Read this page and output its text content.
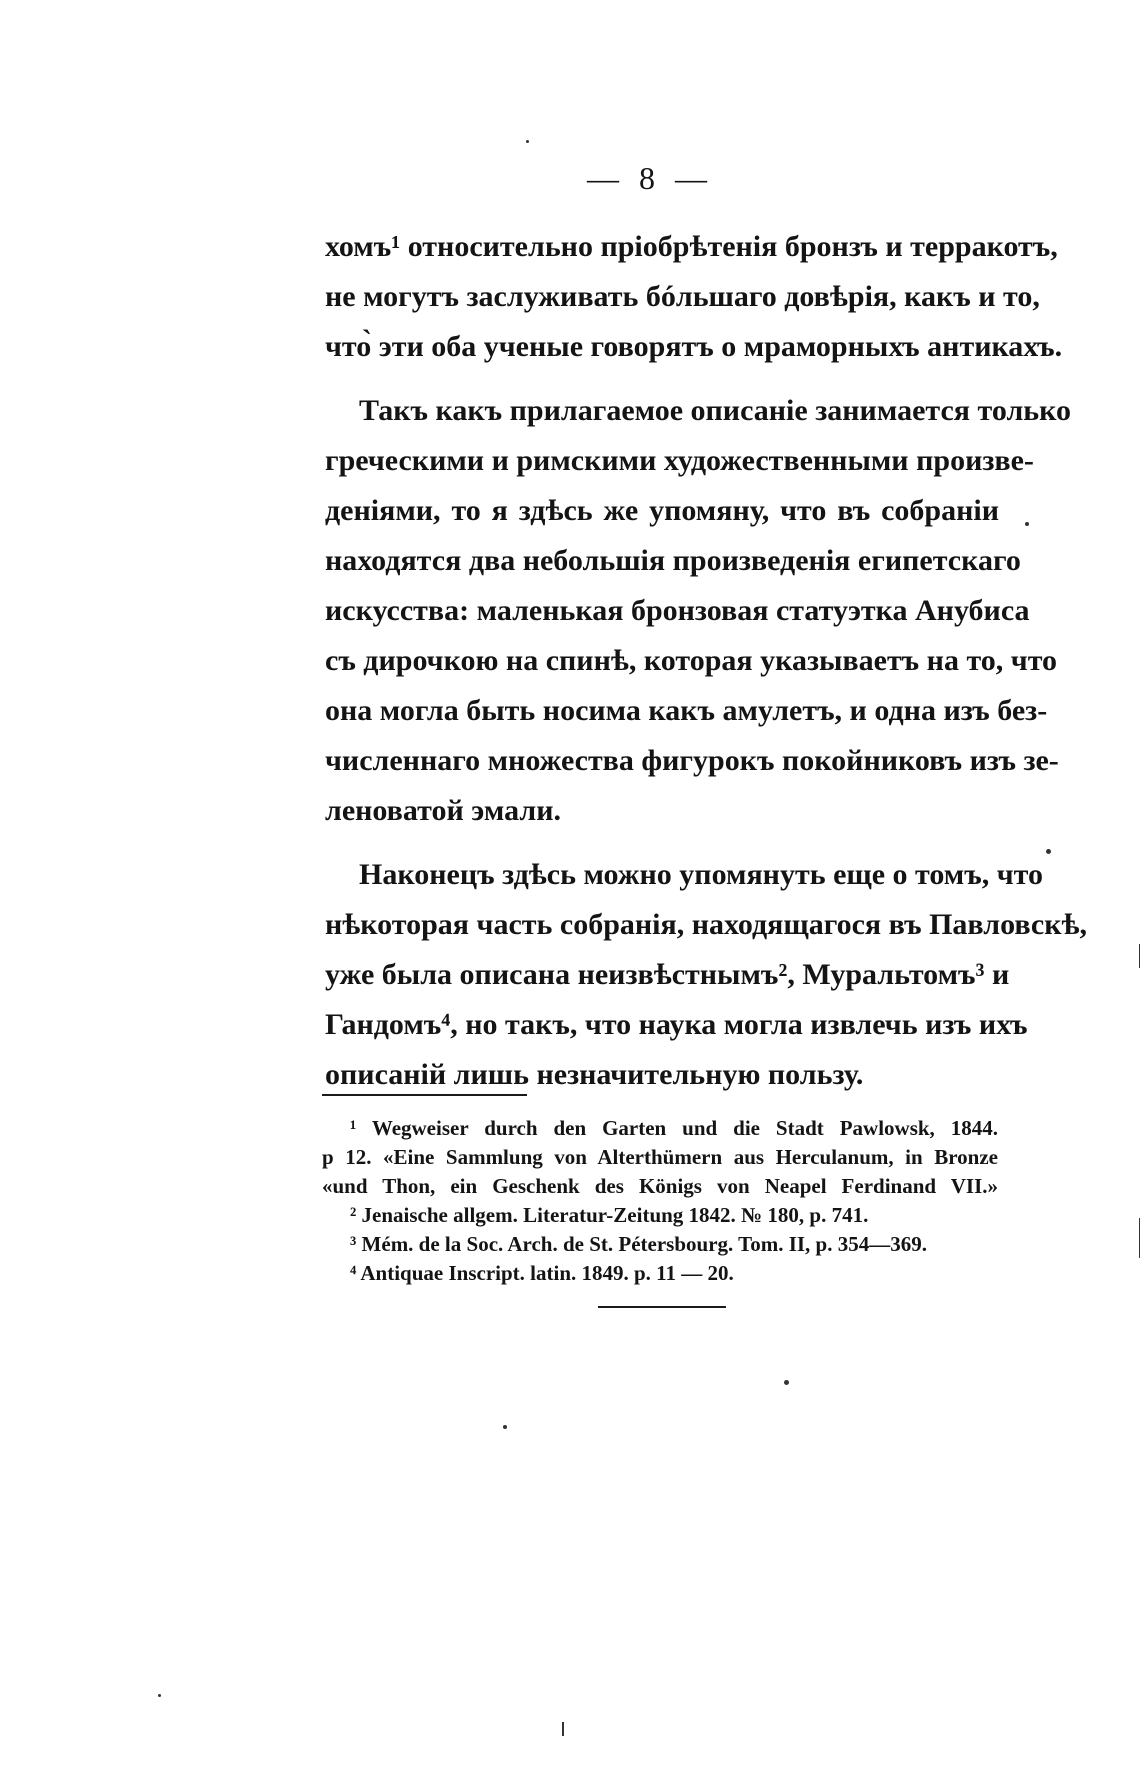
— 8 —
хомъ¹ относительно пріобрѣтенія бронзъ и терракотъ,
не могутъ заслуживать бóльшаго довѣрія, какъ и то,
что̀ эти оба ученые говорятъ о мраморныхъ антикахъ.
Такъ какъ прилагаемое описаніе занимается только
греческими и римскими художественными произве-
деніями, то я здѣсь же упомяну, что въ собраніи
находятся два небольшія произведенія египетскаго
искусства: маленькая бронзовая статуэтка Анубиса
съ дирочкою на спинѣ, которая указываетъ на то, что
она могла быть носима какъ амулетъ, и одна изъ без-
численнаго множества фигурокъ покойниковъ изъ зе-
леноватой эмали.
Наконецъ здѣсь можно упомянуть еще о томъ, что
нѣкоторая часть собранія, находящагося въ Павловскѣ,
уже была описана неизвѣстнымъ², Муральтомъ³ и
Гандомъ⁴, но такъ, что наука могла извлечь изъ ихъ
описаній лишь незначительную пользу.
¹ Wegweiser durch den Garten und die Stadt Pawlowsk, 1844.
p 12. «Eine Sammlung von Alterthümern aus Herculanum, in Bronze
«und Thon, ein Geschenk des Königs von Neapel Ferdinand VII.»
² Jenaische allgem. Literatur-Zeitung 1842. № 180, p. 741.
³ Mém. de la Soc. Arch. de St. Pétersbourg. Tom. II, p. 354—369.
⁴ Antiquae Inscript. latin. 1849. p. 11 — 20.
